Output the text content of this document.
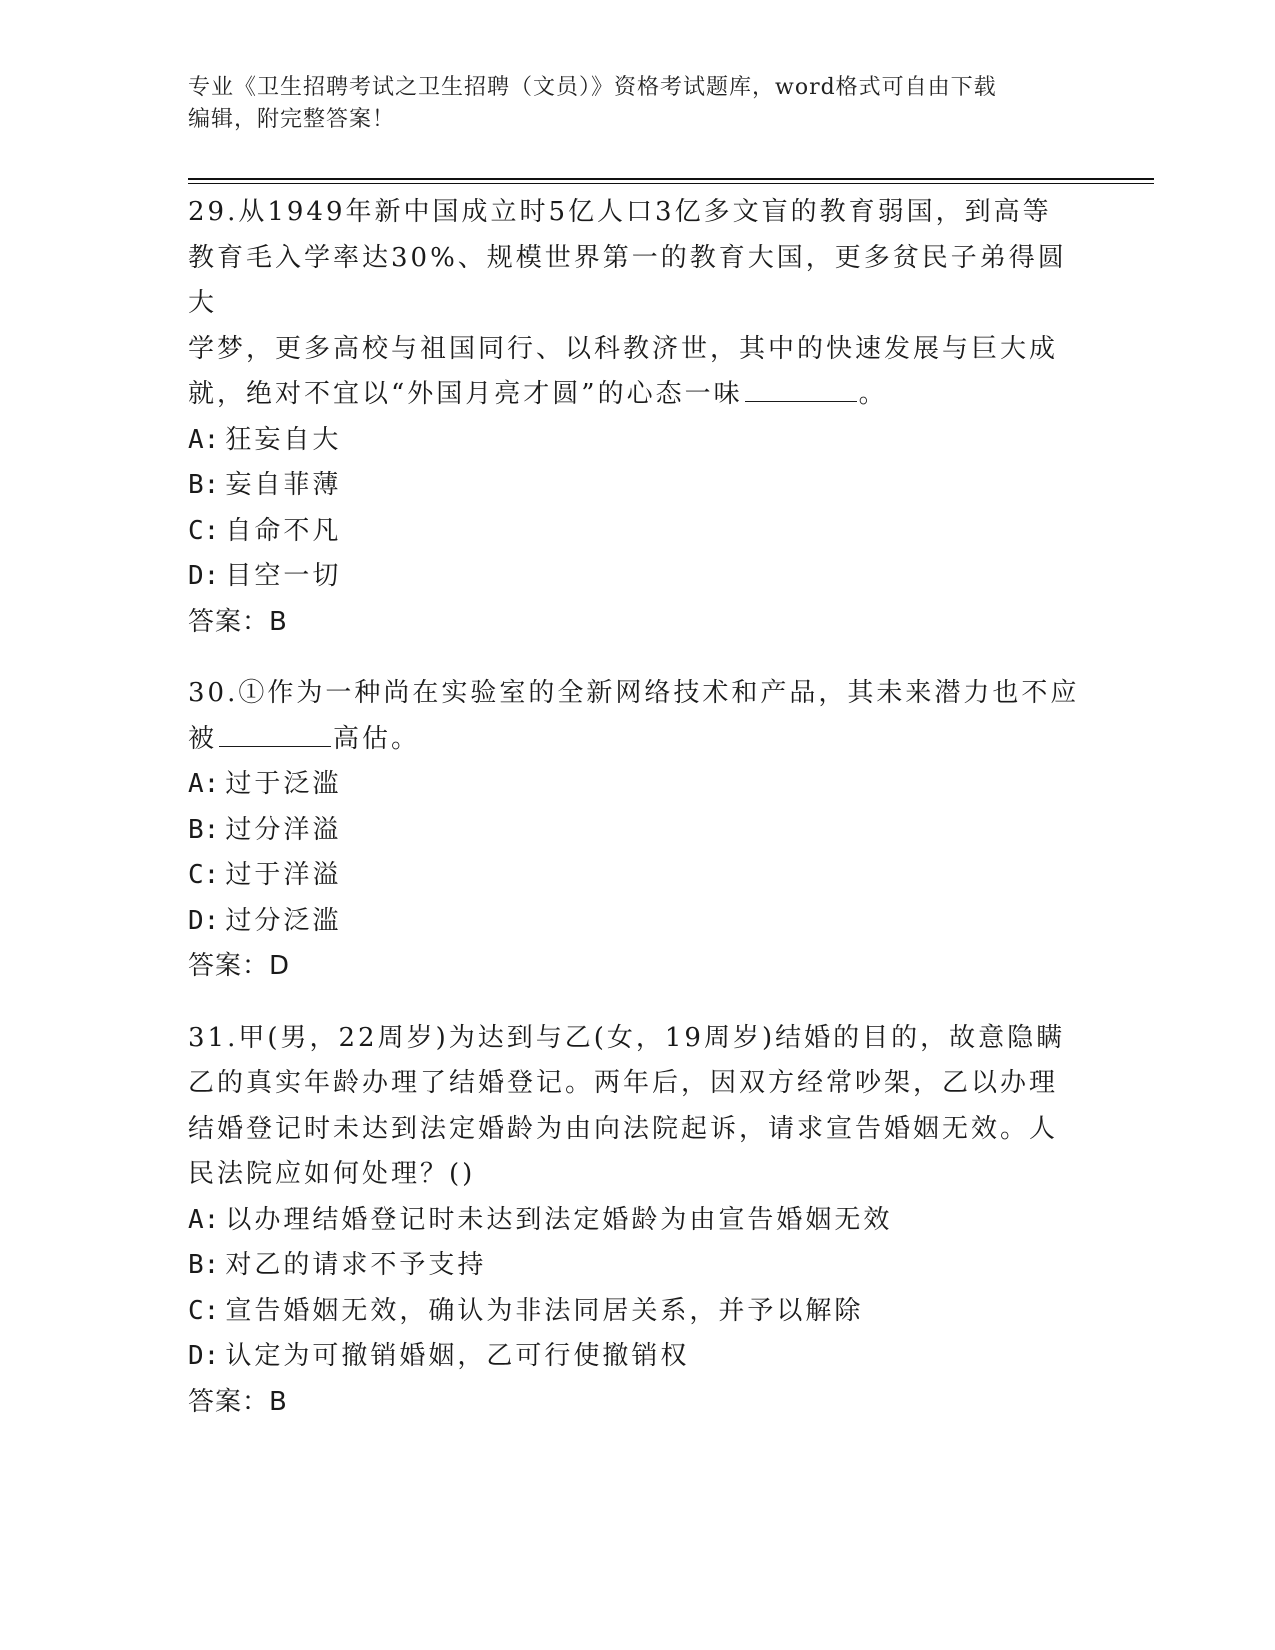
专业《卫生招聘考试之卫生招聘（文员）》资格考试题库，word格式可自由下载
编辑，附完整答案！

29.从1949年新中国成立时5亿人口3亿多文盲的教育弱国，到高等

教育毛入学率达30%、规模世界第一的教育大国，更多贫民子弟得圆大

学梦，更多高校与祖国同行、以科教济世，其中的快速发展与巨大成

就，绝对不宜以“外国月亮才圆”的心态一味	。

A: 狂妄自大

B: 妄自菲薄

C: 自命不凡

D: 目空一切

答案：B

30.①作为一种尚在实验室的全新网络技术和产品，其未来潜力也不应

被	高估。

A: 过于泛滥

B: 过分洋溢

C: 过于洋溢

D: 过分泛滥

答案：D

31.甲(男，22周岁)为达到与乙(女，19周岁)结婚的目的，故意隐瞒

乙的真实年龄办理了结婚登记。两年后，因双方经常吵架，乙以办理

结婚登记时未达到法定婚龄为由向法院起诉，请求宣告婚姻无效。人

民法院应如何处理？()

A: 以办理结婚登记时未达到法定婚龄为由宣告婚姻无效

B: 对乙的请求不予支持

C: 宣告婚姻无效，确认为非法同居关系，并予以解除

D: 认定为可撤销婚姻，乙可行使撤销权

答案：B
